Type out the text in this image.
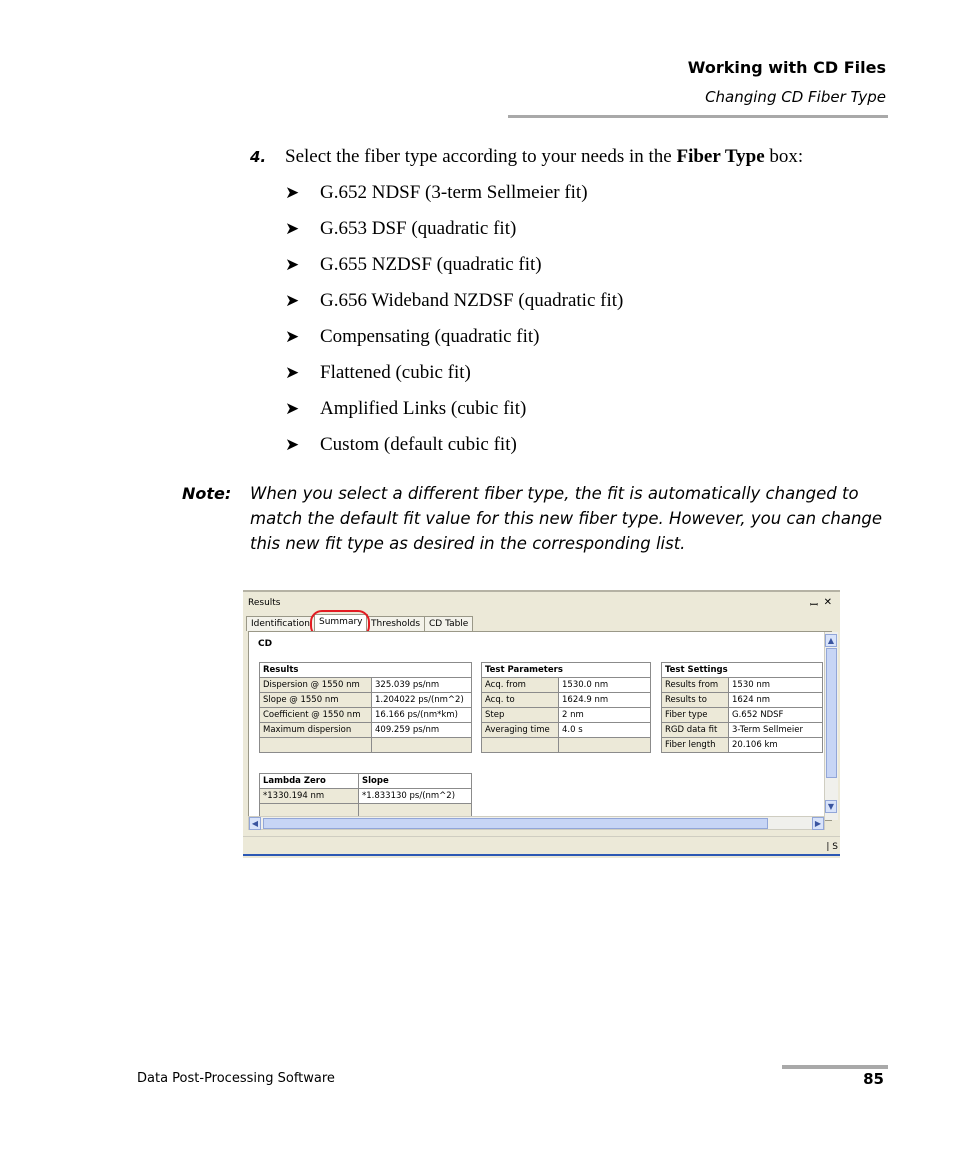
Working with CD Files
Changing CD Fiber Type
4. Select the fiber type according to your needs in the Fiber Type box:
➤ G.652 NDSF (3-term Sellmeier fit)
➤ G.653 DSF (quadratic fit)
➤ G.655 NZDSF (quadratic fit)
➤ G.656 Wideband NZDSF (quadratic fit)
➤ Compensating (quadratic fit)
➤ Flattened (cubic fit)
➤ Amplified Links (cubic fit)
➤ Custom (default cubic fit)
Note: When you select a different fiber type, the fit is automatically changed to match the default fit value for this new fiber type. However, you can change this new fit type as desired in the corresponding list.
Results	ꟷ ✕
Identification Summary Thresholds CD Table
CD
Results	
Dispersion @ 1550 nm	325.039 ps/nm
Slope @ 1550 nm	1.204022 ps/(nm^2)
Coefficient @ 1550 nm	16.166 ps/(nm*km)
Maximum dispersion	409.259 ps/nm

Test Parameters	
Acq. from	1530.0 nm
Acq. to	1624.9 nm
Step	2 nm
Averaging time	4.0 s

Test Settings	
Results from	1530 nm
Results to	1624 nm
Fiber type	G.652 NDSF
RGD data fit	3-Term Sellmeier
Fiber length	20.106 km
Lambda Zero	Slope
*1330.194 nm	*1.833130 ps/(nm^2)

▲
▼
◀	▶
| S
Data Post-Processing Software	85
